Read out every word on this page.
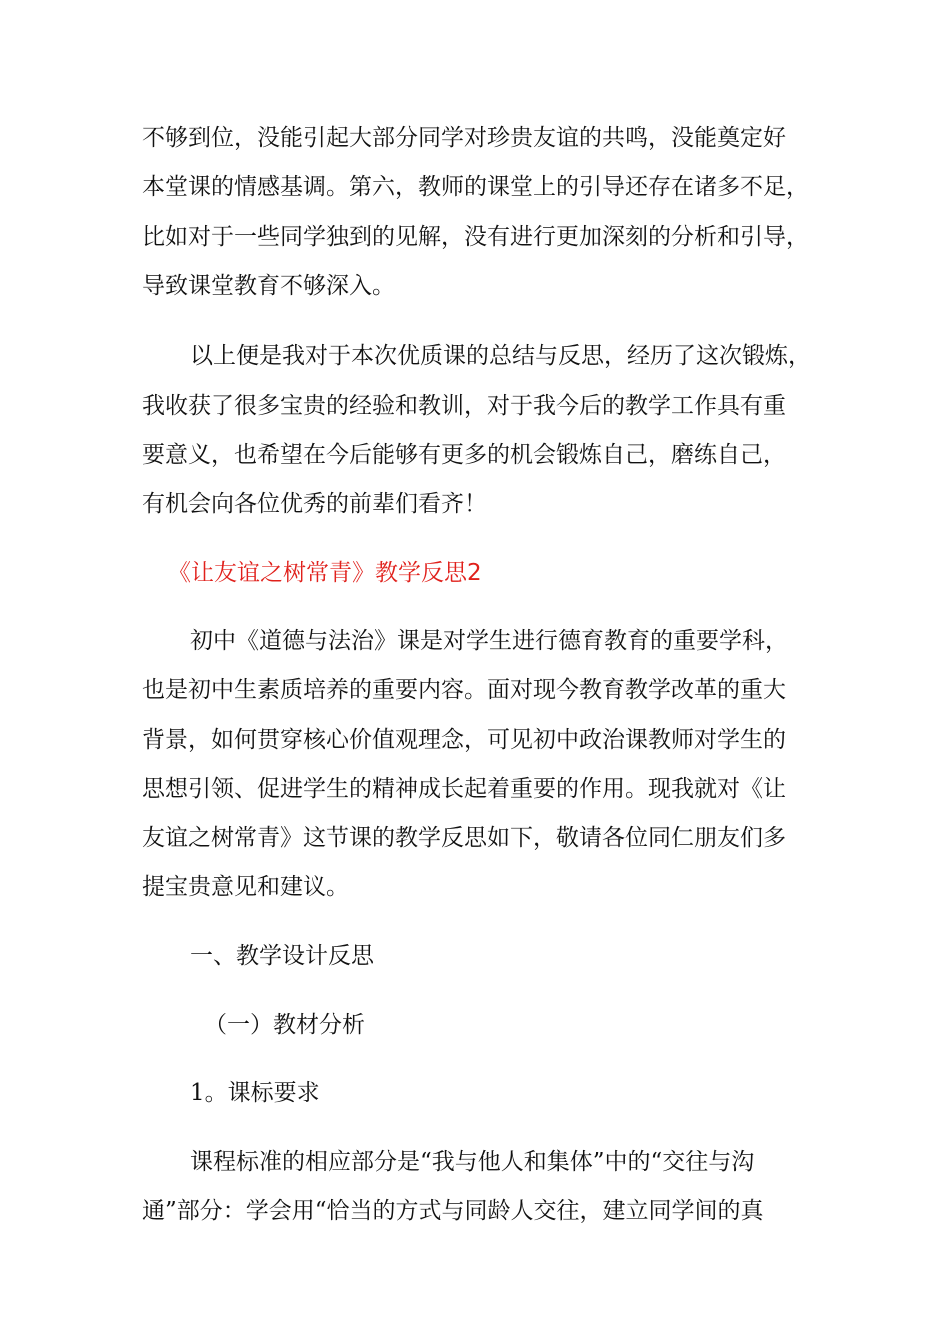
不够到位，没能引起大部分同学对珍贵友谊的共鸣，没能奠定好
本堂课的情感基调。第六，教师的课堂上的引导还存在诸多不足，
比如对于一些同学独到的见解，没有进行更加深刻的分析和引导，
导致课堂教育不够深入。
以上便是我对于本次优质课的总结与反思，经历了这次锻炼，
我收获了很多宝贵的经验和教训，对于我今后的教学工作具有重
要意义，也希望在今后能够有更多的机会锻炼自己，磨练自己，
有机会向各位优秀的前辈们看齐！
《让友谊之树常青》教学反思2
初中《道德与法治》课是对学生进行德育教育的重要学科，
也是初中生素质培养的重要内容。面对现今教育教学改革的重大
背景，如何贯穿核心价值观理念，可见初中政治课教师对学生的
思想引领、促进学生的精神成长起着重要的作用。现我就对《让
友谊之树常青》这节课的教学反思如下，敬请各位同仁朋友们多
提宝贵意见和建议。
一、教学设计反思
（一）教材分析
1。课标要求
课程标准的相应部分是“我与他人和集体”中的“交往与沟
通”部分：学会用“恰当的方式与同龄人交往，建立同学间的真
